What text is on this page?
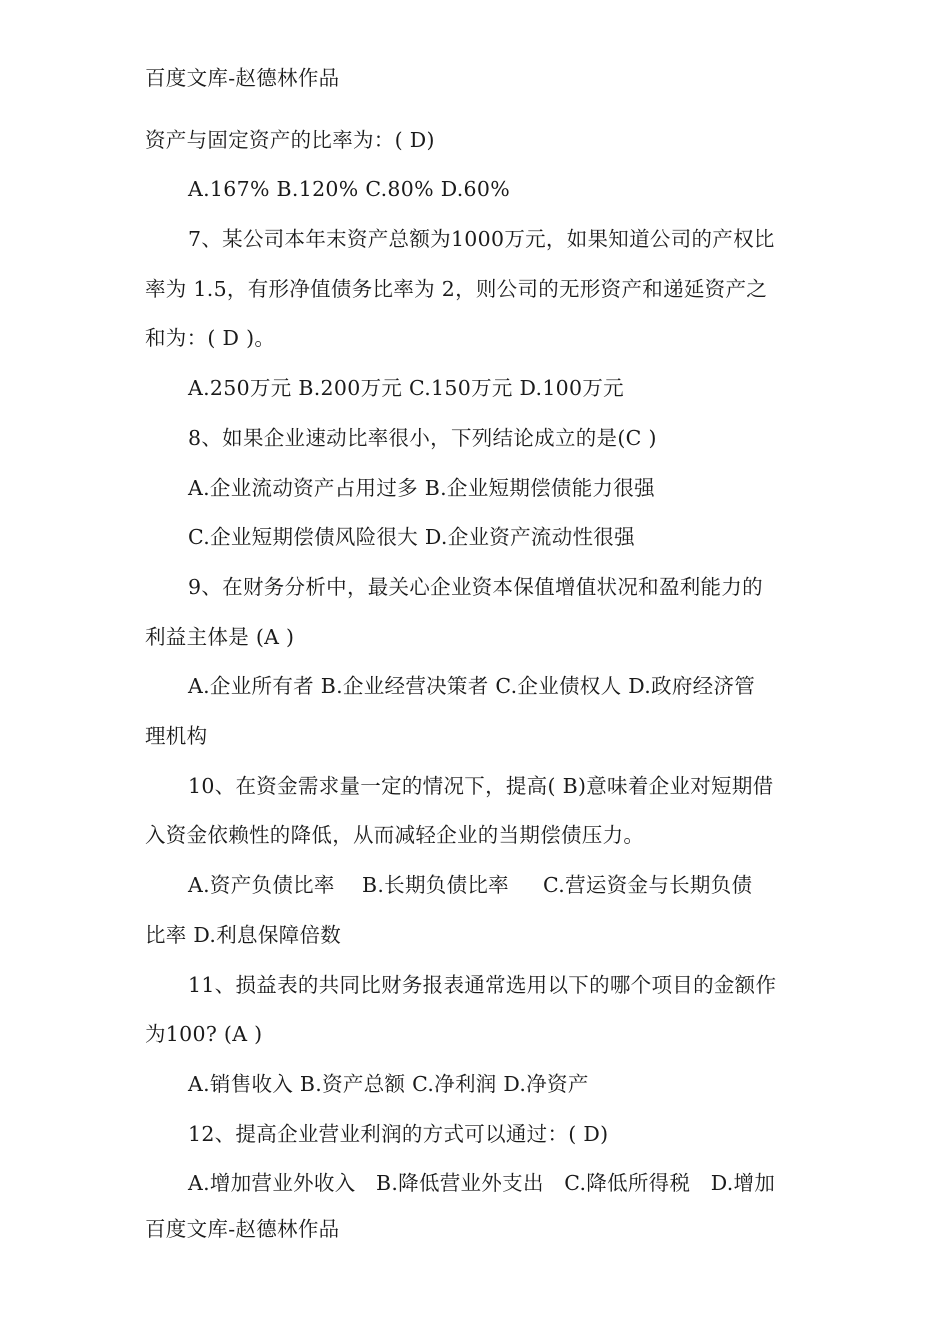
百度文库-赵德林作品
资产与固定资产的比率为：( D)
A.167% B.120% C.80% D.60%
7、某公司本年末资产总额为1000万元，如果知道公司的产权比
率为 1.5，有形净值债务比率为 2，则公司的无形资产和递延资产之
和为：( D )。
A.250万元 B.200万元 C.150万元 D.100万元
8、如果企业速动比率很小，下列结论成立的是(C )
A.企业流动资产占用过多 B.企业短期偿债能力很强
C.企业短期偿债风险很大 D.企业资产流动性很强
9、在财务分析中，最关心企业资本保值增值状况和盈利能力的
利益主体是 (A )
A.企业所有者 B.企业经营决策者 C.企业债权人 D.政府经济管
理机构
10、在资金需求量一定的情况下，提高( B)意味着企业对短期借
入资金依赖性的降低，从而减轻企业的当期偿债压力。
A.资产负债比率    B.长期负债比率     C.营运资金与长期负债
比率 D.利息保障倍数
11、损益表的共同比财务报表通常选用以下的哪个项目的金额作
为100? (A )
A.销售收入 B.资产总额 C.净利润 D.净资产
12、提高企业营业利润的方式可以通过：( D)
A.增加营业外收入   B.降低营业外支出   C.降低所得税   D.增加
百度文库-赵德林作品
